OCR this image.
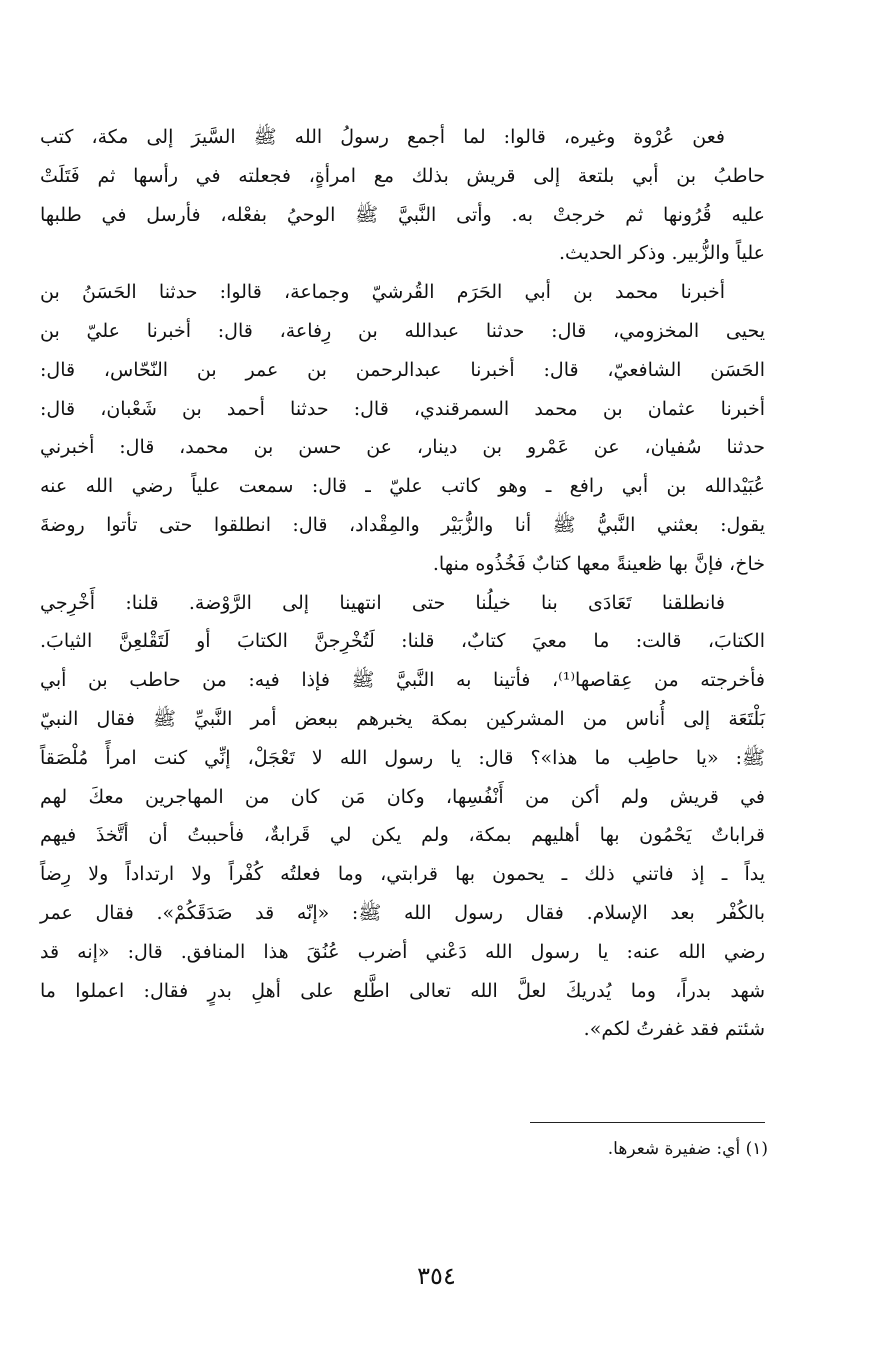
فعن عُرْوة وغيره، قالوا: لما أجمع رسولُ الله ﷺ السَّيرَ إلى مكة، كتب
حاطبُ بن أبي بلتعة إلى قريش بذلك مع امرأةٍ، فجعلته في رأسها ثم فَتَلَتْ
عليه قُرُونها ثم خرجتْ به. وأتى النَّبيَّ ﷺ الوحيُ بفعْله، فأرسل في طلبها
علياً والزُّبير. وذكر الحديث.

أخبرنا محمد بن أبي الحَرَم القُرشيّ وجماعة، قالوا: حدثنا الحَسَنُ بن
يحيى المخزومي، قال: حدثنا عبدالله بن رِفاعة، قال: أخبرنا عليّ بن
الحَسَن الشافعيّ، قال: أخبرنا عبدالرحمن بن عمر بن النّحّاس، قال:
أخبرنا عثمان بن محمد السمرقندي، قال: حدثنا أحمد بن شَعْبان، قال:
حدثنا سُفيان، عن عَمْرو بن دينار، عن حسن بن محمد، قال: أخبرني
عُبَيْدالله بن أبي رافع ـ وهو كاتب عليّ ـ قال: سمعت علياً رضي الله عنه
يقول: بعثني النَّبيُّ ﷺ أنا والزُّبَيْر والمِقْداد، قال: انطلقوا حتى تأتوا روضةَ
خاخ، فإنَّ بها ظعينةً معها كتابٌ فَخُذُوه منها.

فانطلقنا تَعَادَى بنا خيلُنا حتى انتهينا إلى الرَّوْضة. قلنا: أَخْرِجي
الكتابَ، قالت: ما معيَ كتابٌ، قلنا: لَتُخْرِجنَّ الكتابَ أو لَتَقْلعِنَّ الثيابَ.
فأخرجته من عِقاصها⁽¹⁾، فأتينا به النَّبيَّ ﷺ فإذا فيه: من حاطب بن أبي
بَلْتَعَة إلى أُناس من المشركين بمكة يخبرهم ببعض أمر النَّبيِّ ﷺ فقال النبيّ
ﷺ: «يا حاطِب ما هذا»؟ قال: يا رسول الله لا تَعْجَلْ، إنِّي كنت امرأً مُلْصَقاً
في قريش ولم أكن من أَنْفُسِها، وكان مَن كان من المهاجرين معكَ لهم
قراباتٌ يَحْمُون بها أهليهم بمكة، ولم يكن لي قَرابةٌ، فأحببتُ أن أتَّخذَ فيهم
يداً ـ إذ فاتني ذلك ـ يحمون بها قرابتي، وما فعلتُه كُفْراً ولا ارتداداً ولا رِضاً
بالكُفْر بعد الإسلام. فقال رسول الله ﷺ: «إنّه قد صَدَقَكُمْ». فقال عمر
رضي الله عنه: يا رسول الله دَعْني أضرب عُنُقَ هذا المنافق. قال: «إنه قد
شهد بدراً، وما يُدريكَ لعلَّ الله تعالى اطَّلع على أهلِ بدرٍ فقال: اعملوا ما
شئتم فقد غفرتُ لكم».

(١) أي: ضفيرة شعرها.
٣٥٤
